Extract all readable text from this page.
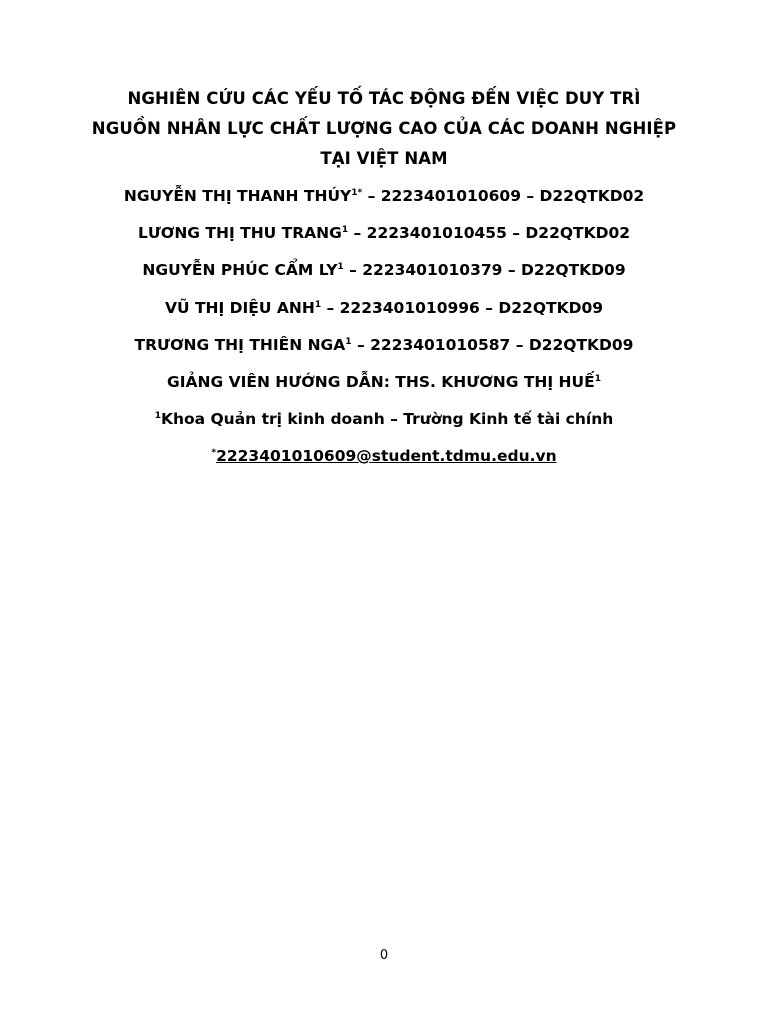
NGHIÊN CỨU CÁC YẾU TỐ TÁC ĐỘNG ĐẾN VIỆC DUY TRÌ NGUỒN NHÂN LỰC CHẤT LƯỢNG CAO CỦA CÁC DOANH NGHIỆP TẠI VIỆT NAM
NGUYỄN THỊ THANH $THÚY^{1*} - 2223401010609$ – D22QTKD02
LƯƠNG THỊ THU TRANG$^1$ – 2223401010455 – D22QTKD02
NGUYỄN PHÚC CẨM $LY^1 - 2223401010379$ – D22QTKD09
VŨ THỊ DIỆU ANH$^1$ – 2223401010996 – D22QTKD09
TRƯƠNG THỊ THIÊN NGA$^1$ – 2223401010587 – D22QTKD09
GIẢNG VIÊN HƯỚNG DẪN: THS. KHƯƠNG THỊ HUẾ$^1$
$^1$Khoa Quản trị kinh doanh – Trường Kinh tế tài chính
*2223401010609@student.tdmu.edu.vn
0
